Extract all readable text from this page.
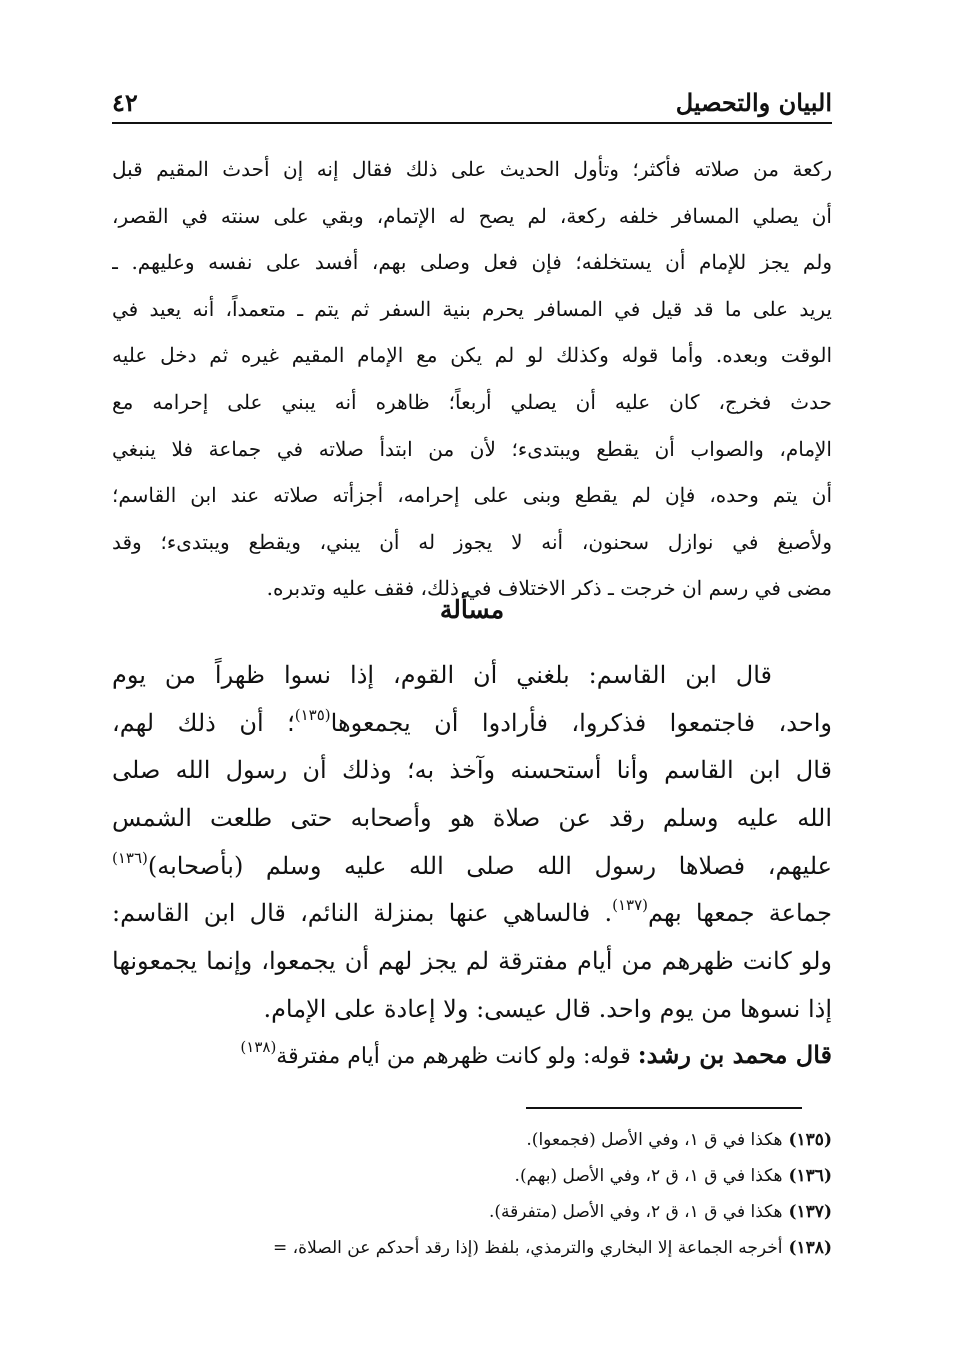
البيان والتحصيل
٤٢
ركعة من صلاته فأكثر؛ وتأول الحديث على ذلك فقال إنه إن أحدث المقيم قبل
أن يصلي المسافر خلفه ركعة، لم يصح له الإتمام، وبقي على سنته في القصر،
ولم يجز للإمام أن يستخلفه؛ فإن فعل وصلى بهم، أفسد على نفسه وعليهم. ـ
يريد على ما قد قيل في المسافر يحرم بنية السفر ثم يتم ـ متعمداً، أنه يعيد في
الوقت وبعده. وأما قوله وكذلك لو لم يكن مع الإمام المقيم غيره ثم دخل عليه
حدث فخرج، كان عليه أن يصلي أربعاً؛ ظاهره أنه يبني على إحرامه مع
الإمام، والصواب أن يقطع ويبتدىء؛ لأن من ابتدأ صلاته في جماعة فلا ينبغي
أن يتم وحده، فإن لم يقطع وبنى على إحرامه، أجزأته صلاته عند ابن القاسم؛
ولأصبغ في نوازل سحنون، أنه لا يجوز له أن يبني، ويقطع ويبتدىء؛ وقد
مضى في رسم ان خرجت ـ ذكر الاختلاف في ذلك، فقف عليه وتدبره.
مسألة
قال ابن القاسم: بلغني أن القوم، إذا نسوا ظهراً من يوم
واحد، فاجتمعوا فذكروا، فأرادوا أن يجمعوها$^{(١٣٥)}$؛ أن ذلك لهم،
قال ابن القاسم وأنا أستحسنه وآخذ به؛ وذلك أن رسول الله صلى
الله عليه وسلم رقد عن صلاة هو وأصحابه حتى طلعت الشمس
عليهم، فصلاها رسول الله صلى الله عليه وسلم (بأصحابه)$^{(١٣٦)}$
جماعة جمعها بهم$^{(١٣٧)}$. فالساهي عنها بمنزلة النائم، قال ابن القاسم:
ولو كانت ظهرهم من أيام مفترقة لم يجز لهم أن يجمعوا، وإنما يجمعونها
إذا نسوها من يوم واحد. قال عيسى: ولا إعادة على الإمام.
قال محمد بن رشد: قوله: ولو كانت ظهرهم من أيام مفترقة$^{(١٣٨)}$
(١٣٥)هكذا في ق ١، وفي الأصل (فجمعوا).
(١٣٦)هكذا في ق ١، ق ٢، وفي الأصل (بهم).
(١٣٧)هكذا في ق ١، ق ٢، وفي الأصل (متفرقة).
(١٣٨)أخرجه الجماعة إلا البخاري والترمذي، بلفظ (إذا رقد أحدكم عن الصلاة، =
